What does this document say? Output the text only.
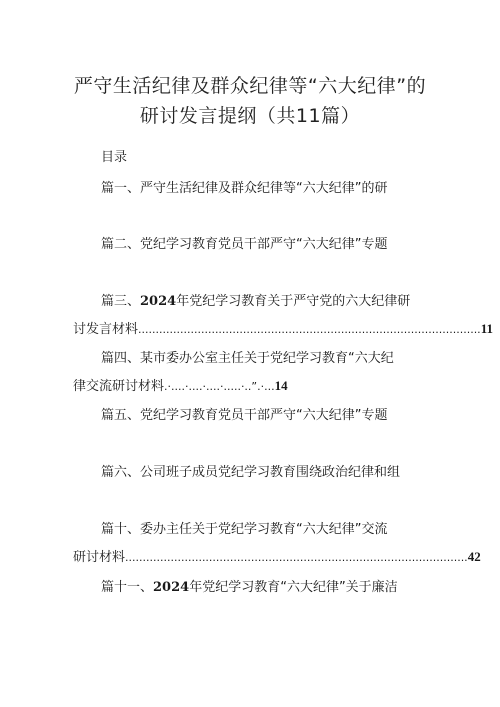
严守生活纪律及群众纪律等“六大纪律”的
研讨发言提纲（共11篇）
目录
篇一、严守生活纪律及群众纪律等“六大纪律”的研
篇二、党纪学习教育党员干部严守“六大纪律”专题
篇三、2024年党纪学习教育关于严守党的六大纪律研
讨发言材料 .................................................................................................. 11
篇四、某市委办公室主任关于党纪学习教育“六大纪
律交流研讨材料 .·....·....·....·.....·..”.·... 14
篇五、党纪学习教育党员干部严守“六大纪律”专题
篇六、公司班子成员党纪学习教育围绕政治纪律和组
篇十、委办主任关于党纪学习教育“六大纪律”交流
研讨材料 .................................................................................................. 42
篇十一、2024年党纪学习教育“六大纪律”关于廉洁
